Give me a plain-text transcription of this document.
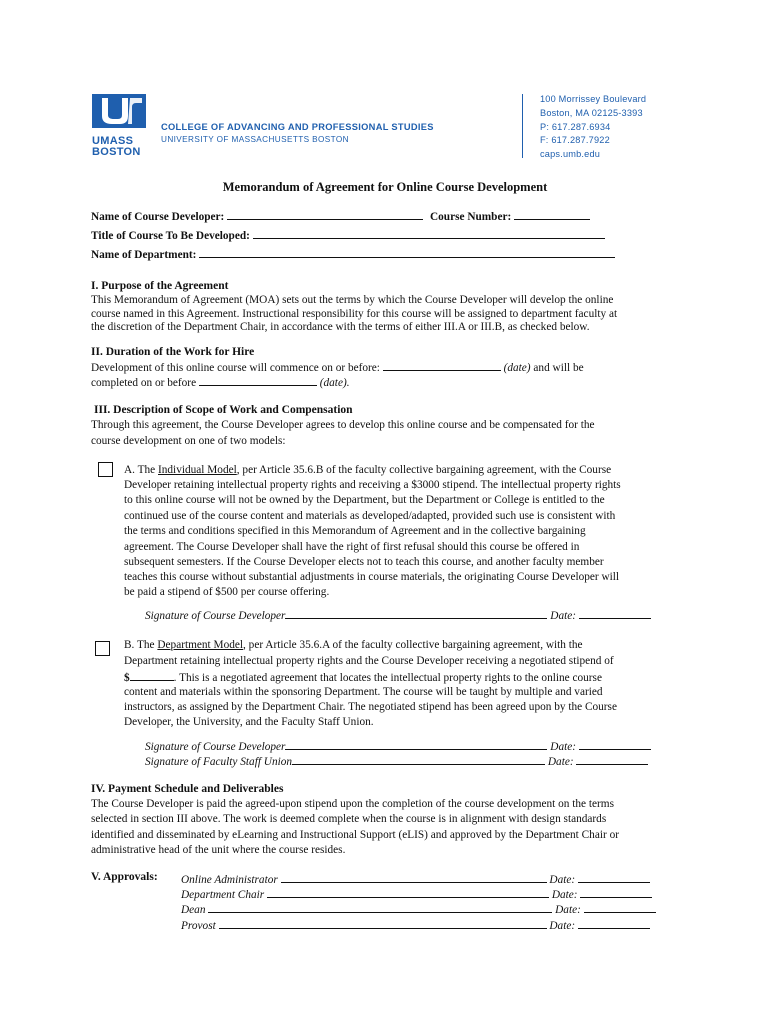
UMASS
BOSTON
COLLEGE OF ADVANCING AND PROFESSIONAL STUDIES
UNIVERSITY OF MASSACHUSETTS BOSTON
100 Morrissey Boulevard
Boston, MA 02125-3393
P: 617.287.6934
F: 617.287.7922
caps.umb.edu
Memorandum of Agreement for Online Course Development
Name of Course Developer:	Course Number:
Title of Course To Be Developed:
Name of Department:
I. Purpose of the Agreement
This Memorandum of Agreement (MOA) sets out the terms by which the Course Developer will develop the online
course named in this Agreement. Instructional responsibility for this course will be assigned to department faculty at
the discretion of the Department Chair, in accordance with the terms of either III.A or III.B, as checked below.
II. Duration of the Work for Hire
Development of this online course will commence on or before:	(date) and will be
completed on or before	(date).
III. Description of Scope of Work and Compensation
Through this agreement, the Course Developer agrees to develop this online course and be compensated for the
course development on one of two models:
A. The Individual Model, per Article 35.6.B of the faculty collective bargaining agreement, with the Course
Developer retaining intellectual property rights and receiving a $3000 stipend. The intellectual property rights
to this online course will not be owned by the Department, but the Department or College is entitled to the
continued use of the course content and materials as developed/adapted, provided such use is consistent with
the terms and conditions specified in this Memorandum of Agreement and in the collective bargaining
agreement. The Course Developer shall have the right of first refusal should this course be offered in
subsequent semesters. If the Course Developer elects not to teach this course, and another faculty member
teaches this course without substantial adjustments in course materials, the originating Course Developer will
be paid a stipend of $500 per course offering.
Signature of Course Developer	Date:
B. The Department Model, per Article 35.6.A of the faculty collective bargaining agreement, with the
Department retaining intellectual property rights and the Course Developer receiving a negotiated stipend of
$	. This is a negotiated agreement that locates the intellectual property rights to the online course
content and materials within the sponsoring Department. The course will be taught by multiple and varied
instructors, as assigned by the Department Chair. The negotiated stipend has been agreed upon by the Course
Developer, the University, and the Faculty Staff Union.
Signature of Course Developer	Date:
Signature of Faculty Staff Union	Date:
IV. Payment Schedule and Deliverables
The Course Developer is paid the agreed-upon stipend upon the completion of the course development on the terms
selected in section III above. The work is deemed complete when the course is in alignment with design standards
identified and disseminated by eLearning and Instructional Support (eLIS) and approved by the Department Chair or
administrative head of the unit where the course resides.
V. Approvals: Online Administrator	Date:
Department Chair	Date:
Dean	Date:
Provost	Date:
